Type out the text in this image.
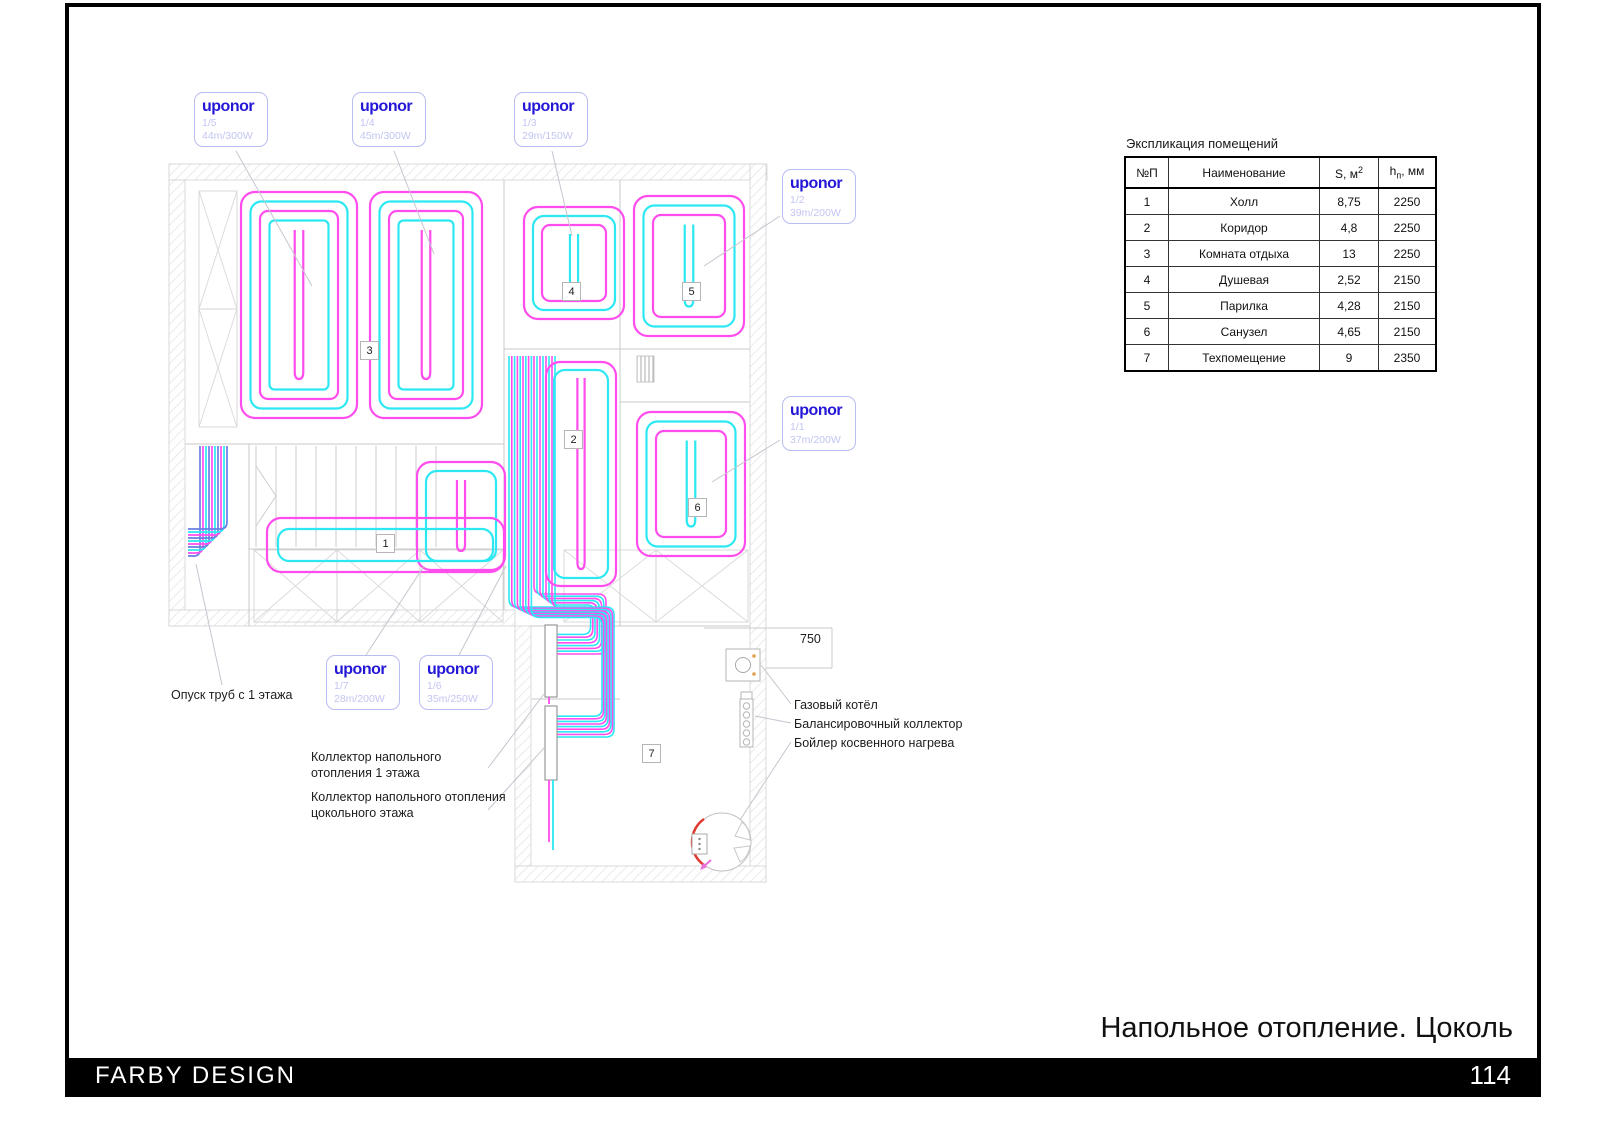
uponor
1/5
44m/300W
uponor
1/4
45m/300W
uponor
1/3
29m/150W
uponor
1/2
39m/200W
uponor
1/1
37m/200W
uponor
1/7
28m/200W
uponor
1/6
35m/250W
3
4	5
2
6
1
7
Опуск труб с 1 этажа
Коллектор напольного отопления 1 этажа
Коллектор напольного отопления цокольного этажа
Газовый котёл
Балансировочный коллектор
Бойлер косвенного нагрева
750
Экспликация помещений
№П	Наименование	S, $м^2$	$h_п$, мм
1	Холл	8,75	2250
2	Коридор	4,8	2250
3	Комната отдыха	13	2250
4	Душевая	2,52	2150
5	Парилка	4,28	2150
6	Санузел	4,65	2150
7	Техпомещение	9	2350
Напольное отопление. Цоколь
FARBY DESIGN	114
